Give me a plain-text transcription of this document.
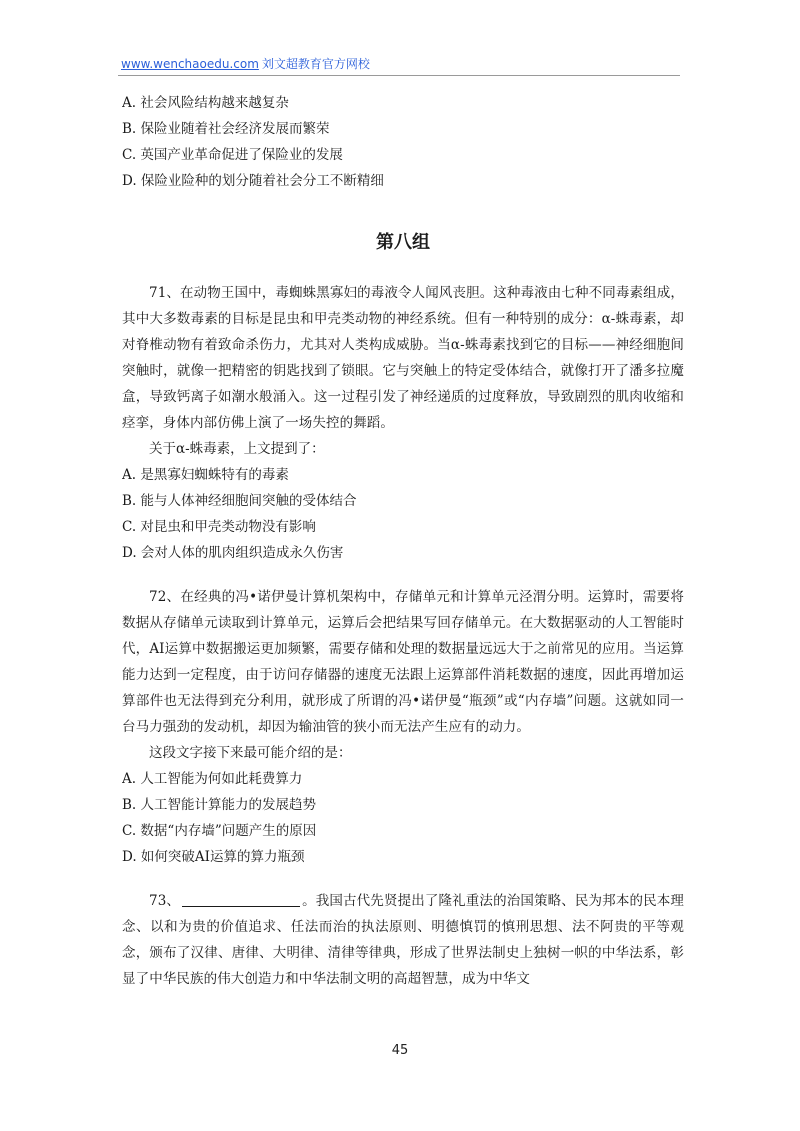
www.wenchaoedu.com 刘文超教育官方网校
A. 社会风险结构越来越复杂
B. 保险业随着社会经济发展而繁荣
C. 英国产业革命促进了保险业的发展
D. 保险业险种的划分随着社会分工不断精细
第八组
71、在动物王国中，毒蜘蛛黑寡妇的毒液令人闻风丧胆。这种毒液由七种不同毒素组成，其中大多数毒素的目标是昆虫和甲壳类动物的神经系统。但有一种特别的成分：α-蛛毒素，却对脊椎动物有着致命杀伤力，尤其对人类构成威胁。当α-蛛毒素找到它的目标——神经细胞间突触时，就像一把精密的钥匙找到了锁眼。它与突触上的特定受体结合，就像打开了潘多拉魔盒，导致钙离子如潮水般涌入。这一过程引发了神经递质的过度释放，导致剧烈的肌肉收缩和痉挛，身体内部仿佛上演了一场失控的舞蹈。
关于α-蛛毒素，上文提到了：
A. 是黑寡妇蜘蛛特有的毒素
B. 能与人体神经细胞间突触的受体结合
C. 对昆虫和甲壳类动物没有影响
D. 会对人体的肌肉组织造成永久伤害
72、在经典的冯•诺伊曼计算机架构中，存储单元和计算单元泾渭分明。运算时，需要将数据从存储单元读取到计算单元，运算后会把结果写回存储单元。在大数据驱动的人工智能时代，AI运算中数据搬运更加频繁，需要存储和处理的数据量远远大于之前常见的应用。当运算能力达到一定程度，由于访问存储器的速度无法跟上运算部件消耗数据的速度，因此再增加运算部件也无法得到充分利用，就形成了所谓的冯•诺伊曼“瓶颈”或“内存墙”问题。这就如同一台马力强劲的发动机，却因为输油管的狭小而无法产生应有的动力。
这段文字接下来最可能介绍的是：
A. 人工智能为何如此耗费算力
B. 人工智能计算能力的发展趋势
C. 数据“内存墙”问题产生的原因
D. 如何突破AI运算的算力瓶颈
73、	。我国古代先贤提出了隆礼重法的治国策略、民为邦本的民本理念、以和为贵的价值追求、任法而治的执法原则、明德慎罚的慎刑思想、法不阿贵的平等观念，颁布了汉律、唐律、大明律、清律等律典，形成了世界法制史上独树一帜的中华法系，彰显了中华民族的伟大创造力和中华法制文明的高超智慧，成为中华文
45
